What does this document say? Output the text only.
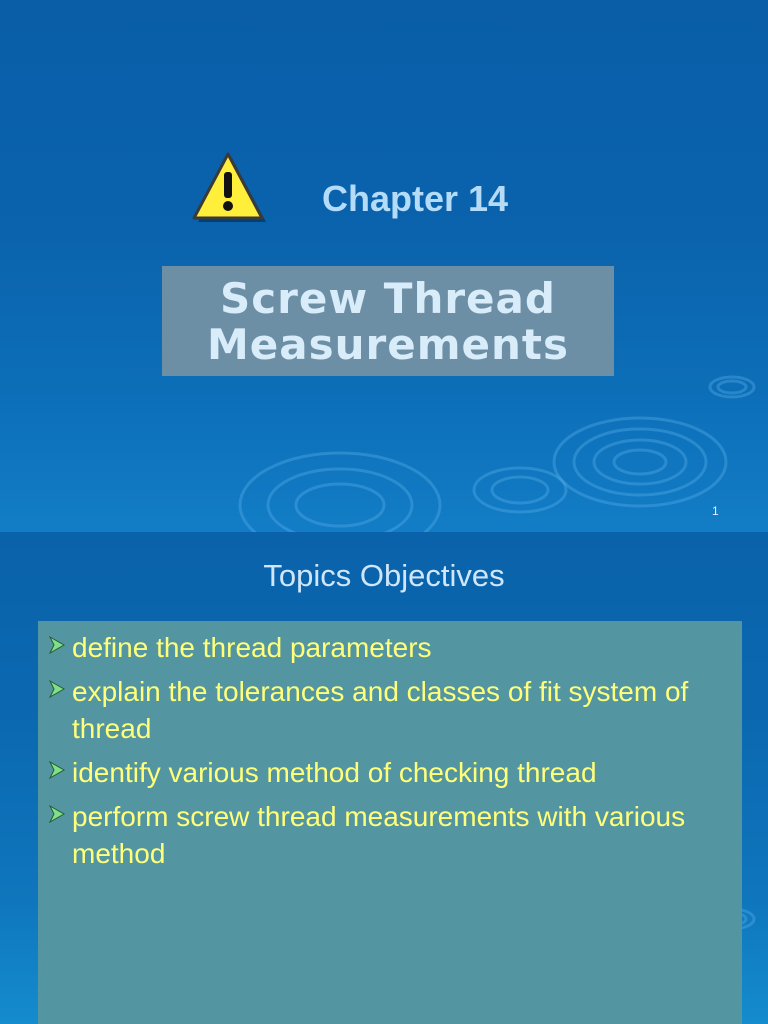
Chapter 14
Screw Thread
Measurements
1
Topics Objectives
define the thread parameters
explain the tolerances and classes of fit system of thread
identify various method of checking thread
perform screw thread measurements with various method
